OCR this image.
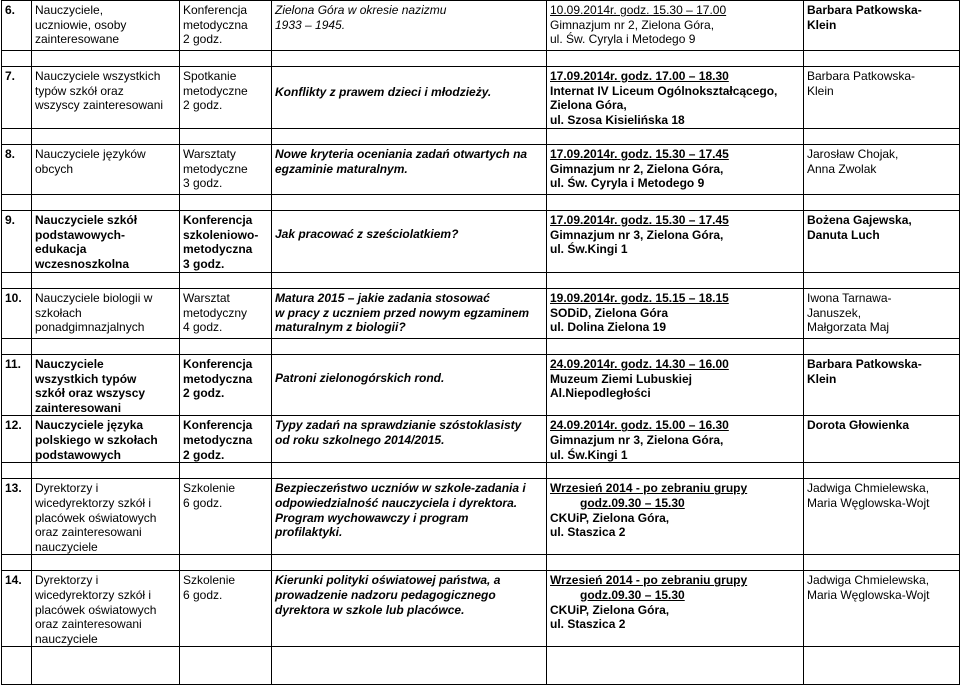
6.	Nauczyciele,
uczniowie, osoby
zainteresowane	Konferencja
metodyczna
2 godz.	Zielona Góra w okresie nazizmu
1933 – 1945.	10.09.2014r. godz. 15.30 – 17.00
Gimnazjum nr 2, Zielona Góra,
ul. Św. Cyryla i Metodego 9	Barbara Patkowska-
Klein

7.	Nauczyciele wszystkich
typów szkół oraz
wszyscy zainteresowani	Spotkanie
metodyczne
2 godz.	Konflikty z prawem dzieci i młodzieży.	17.09.2014r. godz. 17.00 – 18.30
Internat IV Liceum Ogólnokształcącego,
Zielona Góra,
ul. Szosa Kisielińska 18	Barbara Patkowska-
Klein

8.	Nauczyciele języków
obcych	Warsztaty
metodyczne
3 godz.	Nowe kryteria oceniania zadań otwartych na
egzaminie maturalnym.	17.09.2014r. godz. 15.30 – 17.45
Gimnazjum nr 2, Zielona Góra,
ul. Św. Cyryla i Metodego 9	Jarosław Chojak,
Anna Zwolak

9.	Nauczyciele szkół
podstawowych-
edukacja
wczesnoszkolna	Konferencja
szkoleniowo-
metodyczna
3 godz.	Jak pracować z sześciolatkiem?	17.09.2014r. godz. 15.30 – 17.45
Gimnazjum nr 3, Zielona Góra,
ul. Św.Kingi 1	Bożena Gajewska,
Danuta Luch

10.	Nauczyciele biologii w
szkołach
ponadgimnazjalnych	Warsztat
metodyczny
4 godz.	Matura 2015 – jakie zadania stosować
w pracy z uczniem przed nowym egzaminem
maturalnym z biologii?	19.09.2014r. godz. 15.15 – 18.15
SODiD, Zielona Góra
ul. Dolina Zielona 19	Iwona Tarnawa-
Januszek,
Małgorzata Maj

11.	Nauczyciele
wszystkich typów
szkół oraz wszyscy
zainteresowani	Konferencja
metodyczna
2 godz.	Patroni zielonogórskich rond.	24.09.2014r. godz. 14.30 – 16.00
Muzeum Ziemi Lubuskiej
Al.Niepodległości	Barbara Patkowska-
Klein

12.	Nauczyciele języka
polskiego w szkołach
podstawowych	Konferencja
metodyczna
2 godz.	Typy zadań na sprawdzianie szóstoklasisty
od roku szkolnego 2014/2015.	24.09.2014r. godz. 15.00 – 16.30
Gimnazjum nr 3, Zielona Góra,
ul. Św.Kingi 1	Dorota Głowienka

13.	Dyrektorzy i
wicedyrektorzy szkół i
placówek oświatowych
oraz zainteresowani
nauczyciele	Szkolenie
6 godz.	Bezpieczeństwo uczniów w szkole-zadania i
odpowiedzialność nauczyciela i dyrektora.
Program wychowawczy i program
profilaktyki.	Wrzesień 2014 - po zebraniu grupy
godz.09.30 – 15.30
CKUiP, Zielona Góra,
ul. Staszica 2	Jadwiga Chmielewska,
Maria Węglowska-Wojt

14.	Dyrektorzy i
wicedyrektorzy szkół i
placówek oświatowych
oraz zainteresowani
nauczyciele	Szkolenie
6 godz.	Kierunki polityki oświatowej państwa, a
prowadzenie nadzoru pedagogicznego
dyrektora w szkole lub placówce.	Wrzesień 2014 - po zebraniu grupy
godz.09.30 – 15.30
CKUiP, Zielona Góra,
ul. Staszica 2	Jadwiga Chmielewska,
Maria Węglowska-Wojt
